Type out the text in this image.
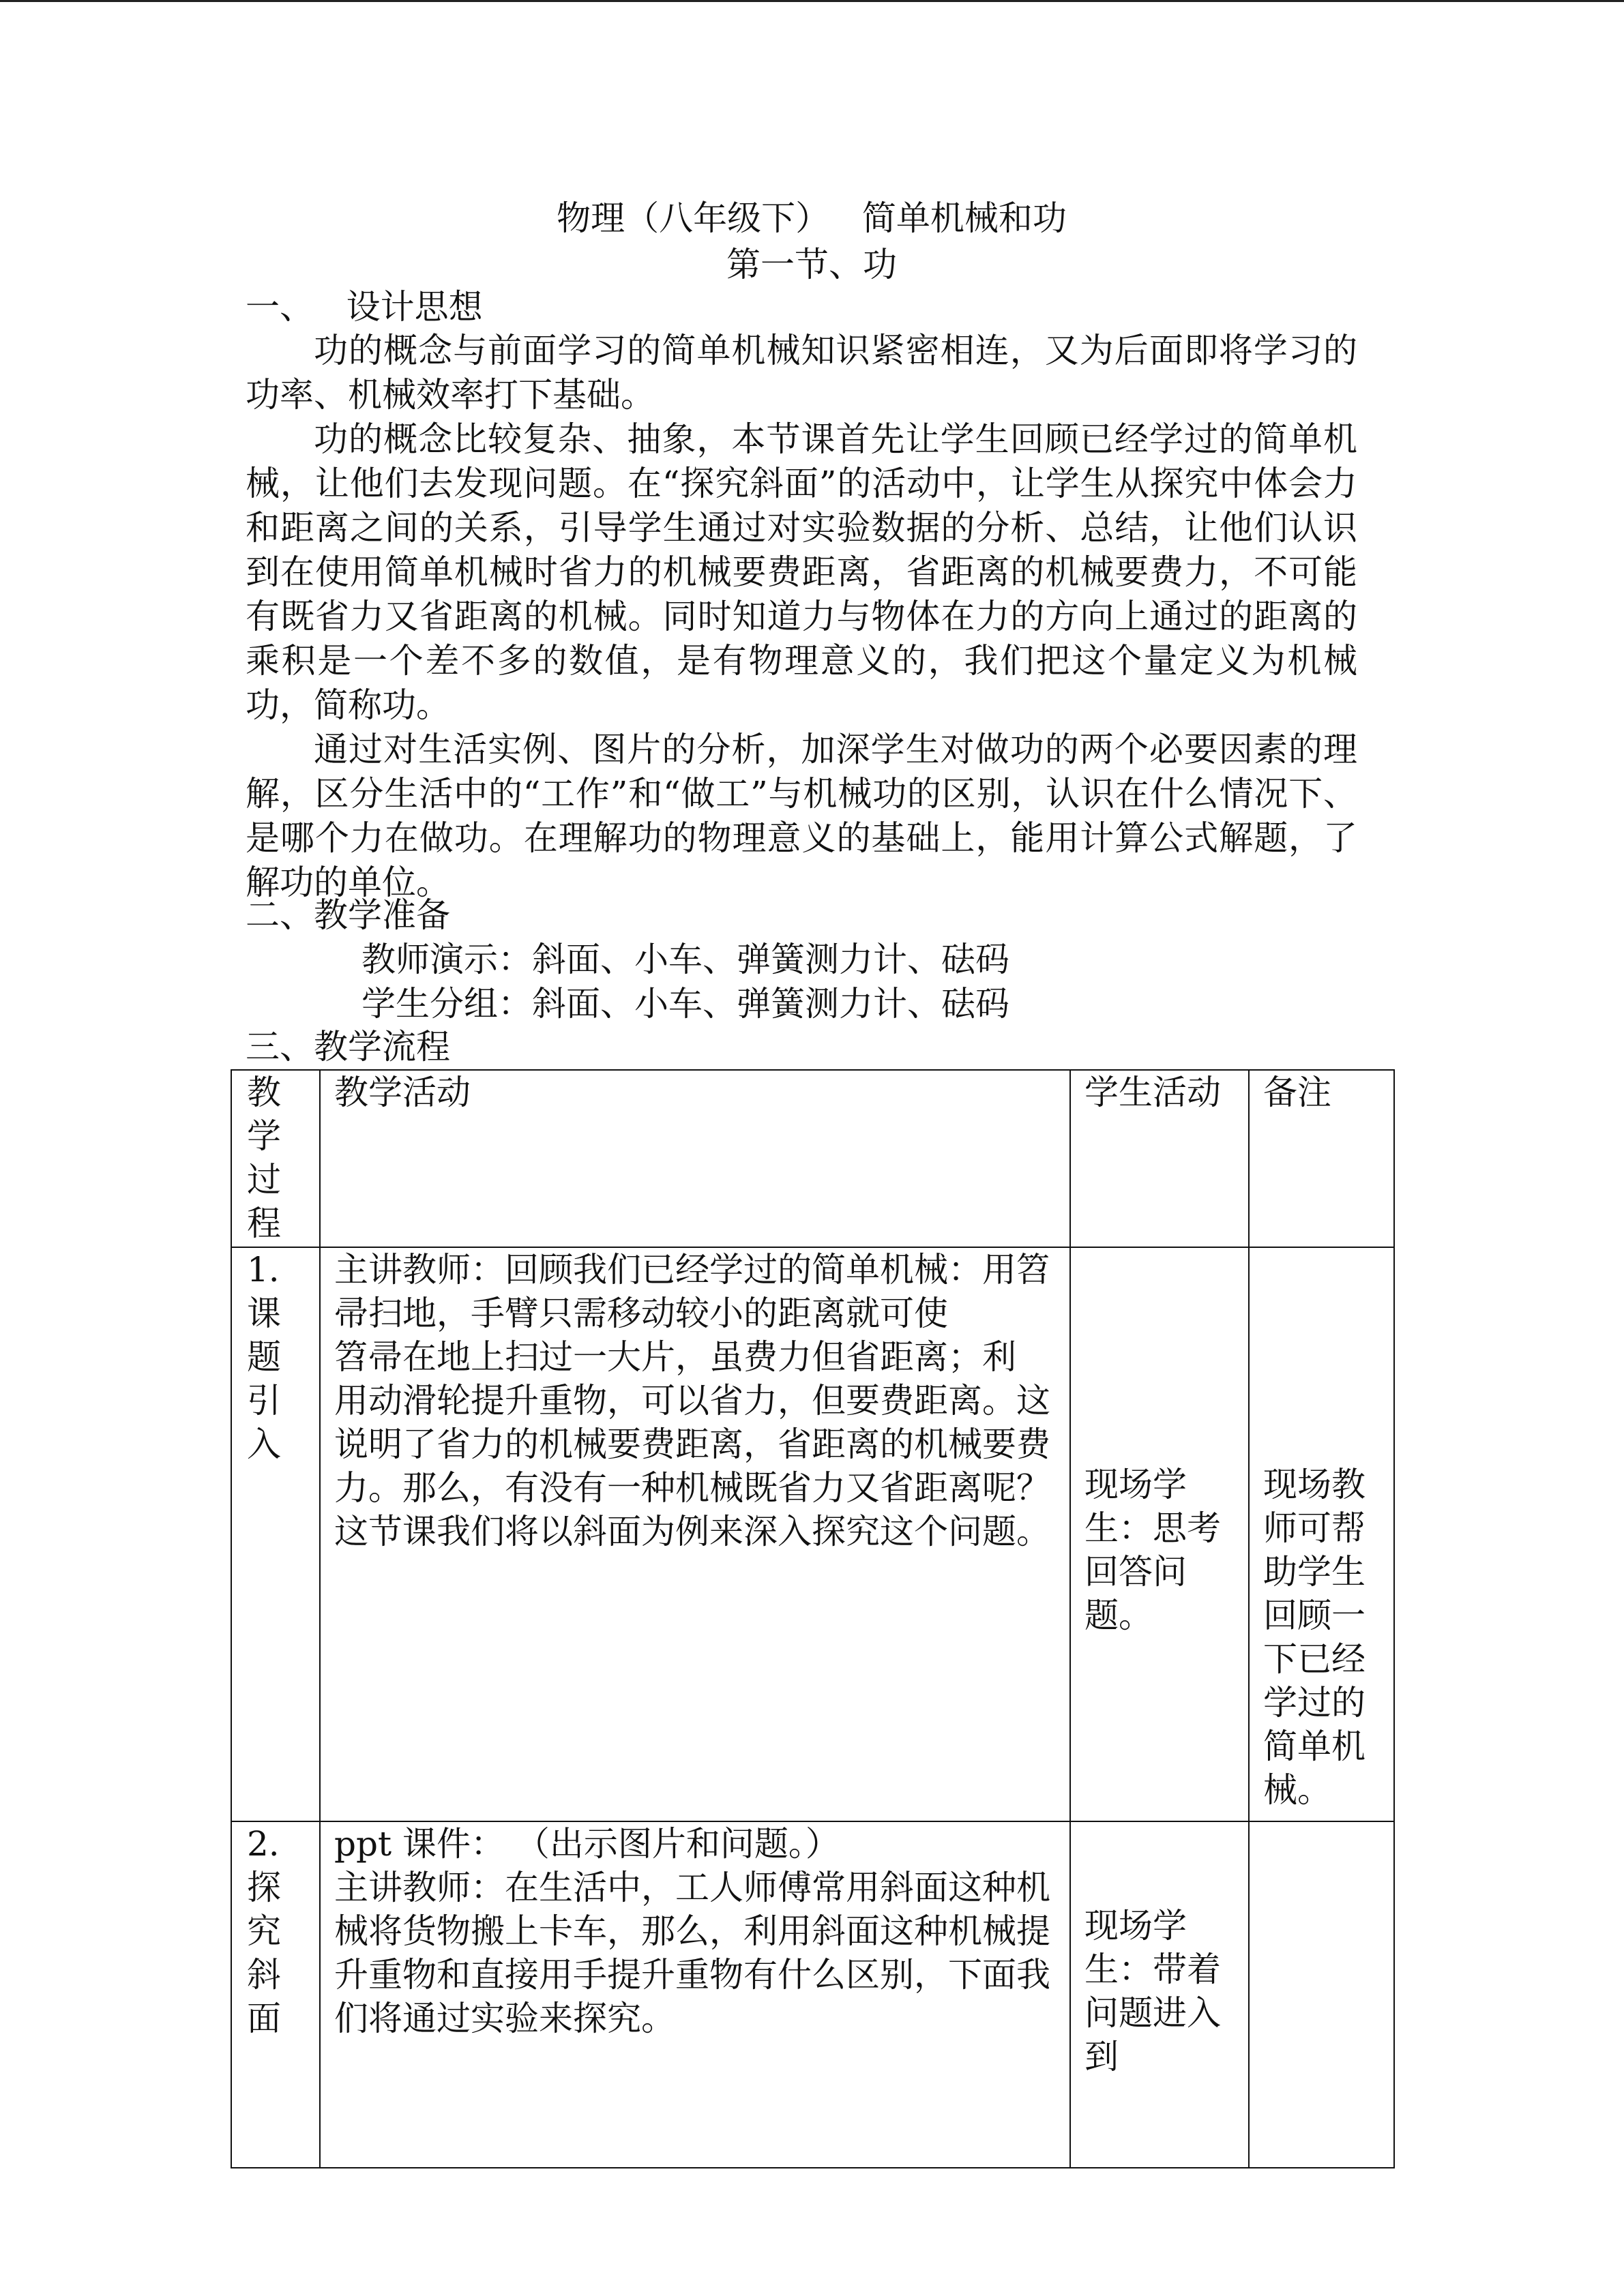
物理（八年级下）   简单机械和功
第一节、功
一、   设计思想
功的概念与前面学习的简单机械知识紧密相连，又为后面即将学习的功率、机械效率打下基础。
功的概念比较复杂、抽象，本节课首先让学生回顾已经学过的简单机械，让他们去发现问题。在“探究斜面”的活动中，让学生从探究中体会力和距离之间的关系，引导学生通过对实验数据的分析、总结，让他们认识到在使用简单机械时省力的机械要费距离，省距离的机械要费力，不可能有既省力又省距离的机械。同时知道力与物体在力的方向上通过的距离的乘积是一个差不多的数值，是有物理意义的，我们把这个量定义为机械功，简称功。
通过对生活实例、图片的分析，加深学生对做功的两个必要因素的理解，区分生活中的“工作”和“做工”与机械功的区别，认识在什么情况下、是哪个力在做功。在理解功的物理意义的基础上，能用计算公式解题，了解功的单位。
二、教学准备
教师演示：斜面、小车、弹簧测力计、砝码
学生分组：斜面、小车、弹簧测力计、砝码
三、教学流程
教学过程	教学活动	学生活动	备注
1.课题引入	主讲教师：回顾我们已经学过的简单机械：用笤帚扫地，手臂只需移动较小的距离就可使
笤帚在地上扫过一大片，虽费力但省距离；利
用动滑轮提升重物，可以省力，但要费距离。这说明了省力的机械要费距离，省距离的机械要费力。那么，有没有一种机械既省力又省距离呢？
这节课我们将以斜面为例来深入探究这个问题。	现场学生：思考回答问题。	现场教师可帮助学生回顾一下已经学过的简单机械。
2.探究斜面	ppt 课件： （出示图片和问题。）
主讲教师：在生活中，工人师傅常用斜面这种机械将货物搬上卡车，那么，利用斜面这种机械提升重物和直接用手提升重物有什么区别，下面我们将通过实验来探究。	现场学生：带着问题进入到	
